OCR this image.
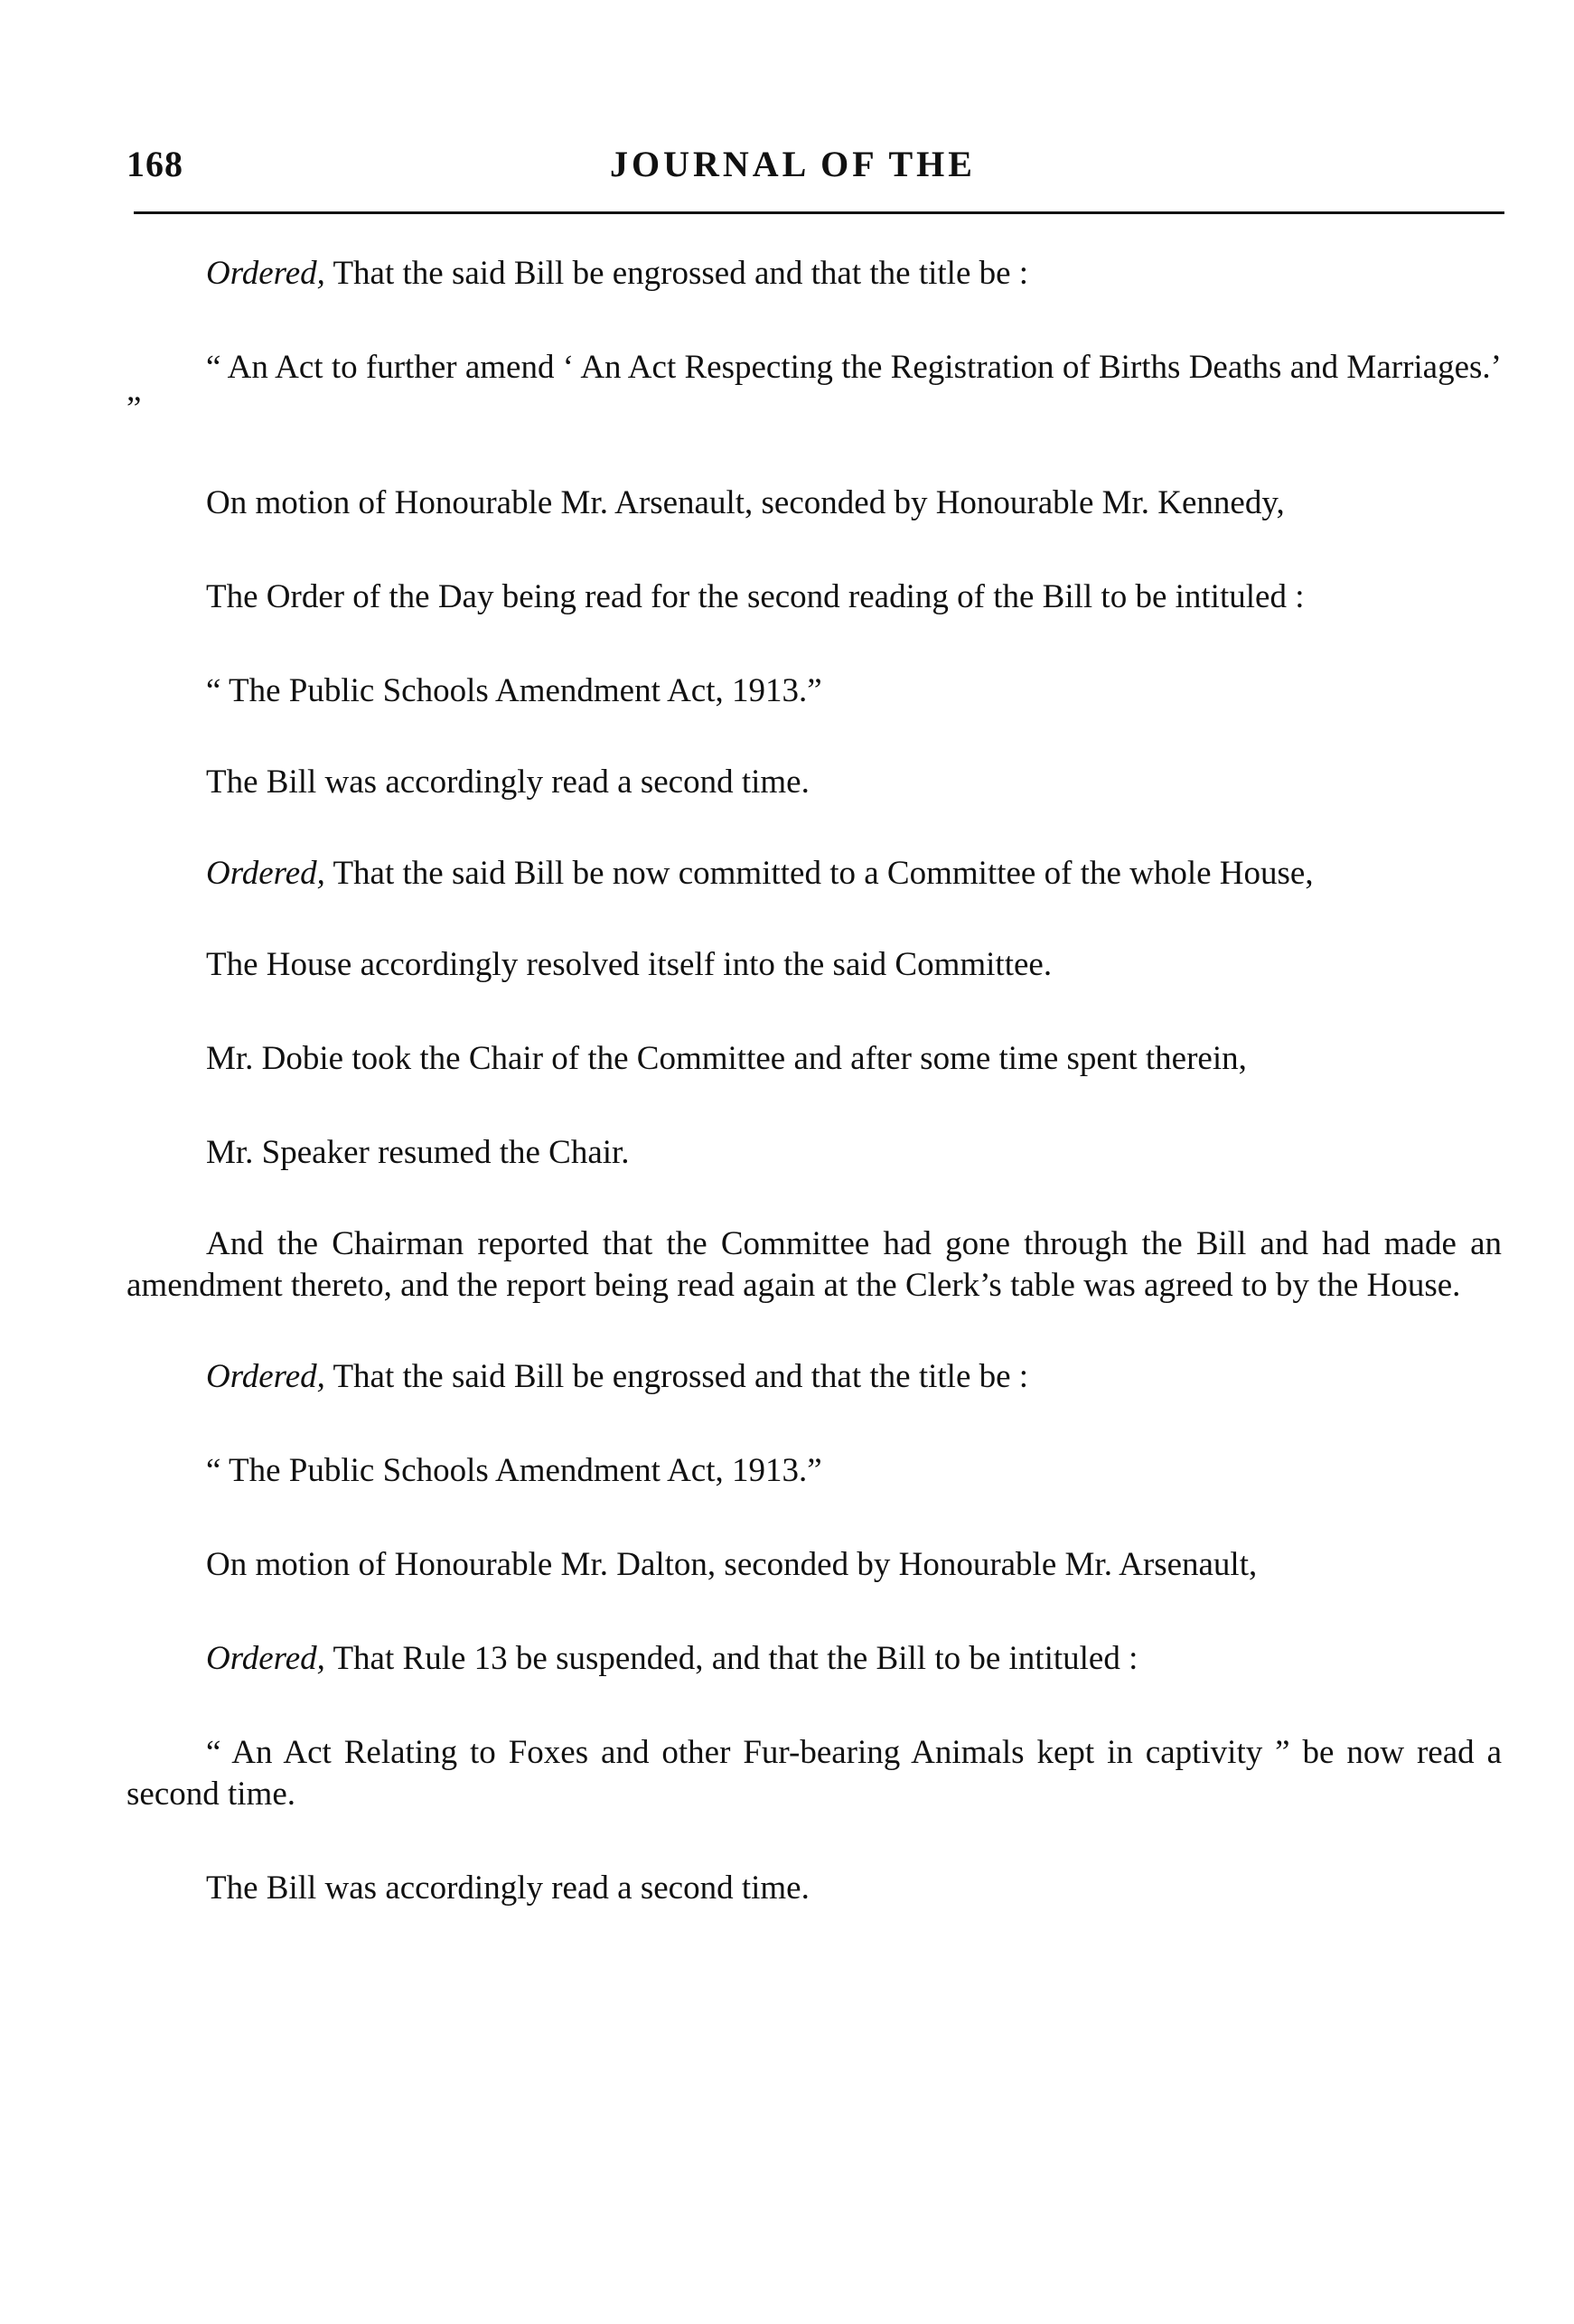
168	JOURNAL OF THE

Ordered, That the said Bill be engrossed and that the title be :

“ An Act to further amend ‘ An Act Respecting the Registration of Births Deaths and Marriages.’ ”

On motion of Honourable Mr. Arsenault, seconded by Honourable Mr. Kennedy,

The Order of the Day being read for the second reading of the Bill to be intituled :

“ The Public Schools Amendment Act, 1913.”

The Bill was accordingly read a second time.

Ordered, That the said Bill be now committed to a Committee of the whole House,

The House accordingly resolved itself into the said Committee.

Mr. Dobie took the Chair of the Committee and after some time spent therein,

Mr. Speaker resumed the Chair.

And the Chairman reported that the Committee had gone through the Bill and had made an amendment thereto, and the report being read again at the Clerk’s table was agreed to by the House.

Ordered, That the said Bill be engrossed and that the title be :

“ The Public Schools Amendment Act, 1913.”

On motion of Honourable Mr. Dalton, seconded by Honourable Mr. Arsenault,

Ordered, That Rule 13 be suspended, and that the Bill to be intituled :

“ An Act Relating to Foxes and other Fur-bearing Animals kept in captivity ” be now read a second time.

The Bill was accordingly read a second time.
